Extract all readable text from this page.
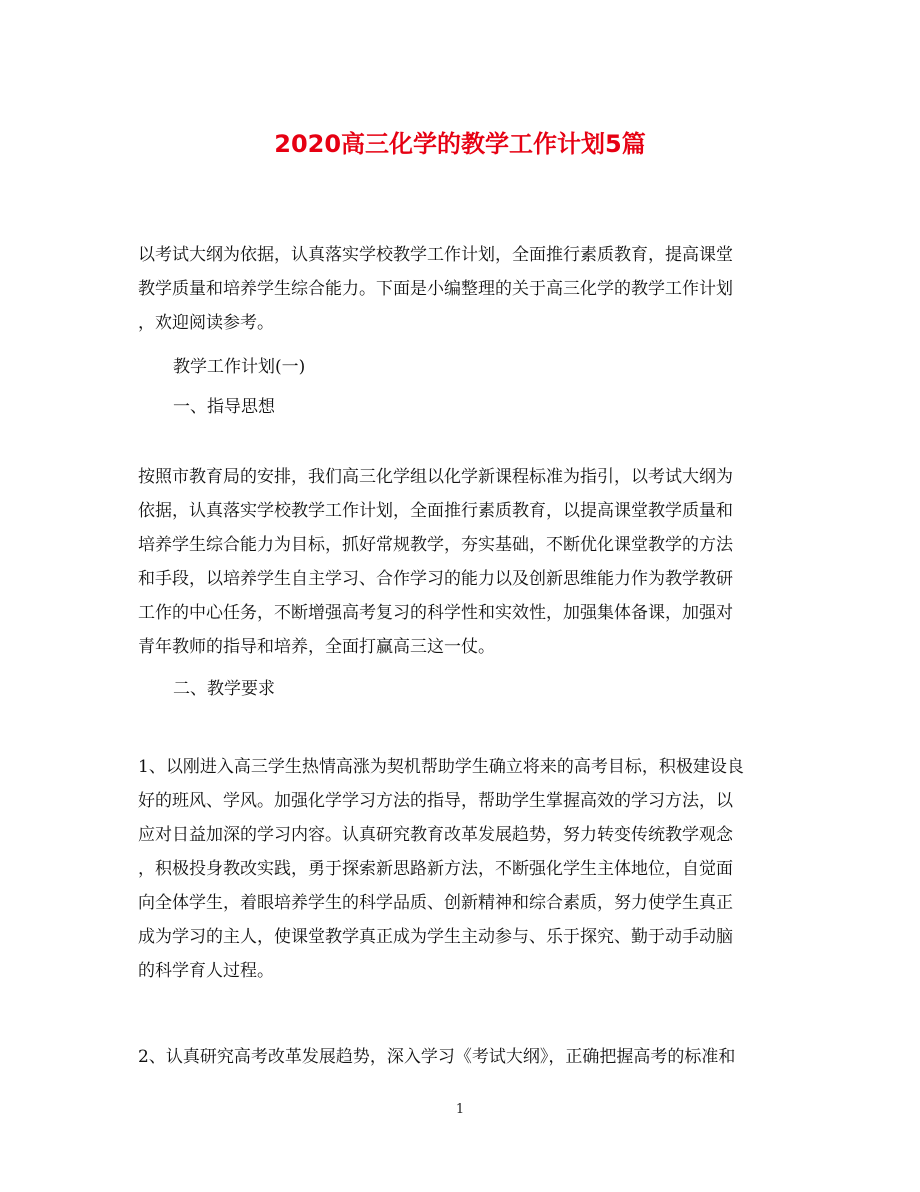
2020高三化学的教学工作计划5篇

以考试大纲为依据，认真落实学校教学工作计划，全面推行素质教育，提高课堂
教学质量和培养学生综合能力。下面是小编整理的关于高三化学的教学工作计划
，欢迎阅读参考。

教学工作计划(一)
一、指导思想

按照市教育局的安排，我们高三化学组以化学新课程标准为指引，以考试大纲为
依据，认真落实学校教学工作计划，全面推行素质教育，以提高课堂教学质量和
培养学生综合能力为目标，抓好常规教学，夯实基础，不断优化课堂教学的方法
和手段，以培养学生自主学习、合作学习的能力以及创新思维能力作为教学教研
工作的中心任务，不断增强高考复习的科学性和实效性，加强集体备课，加强对
青年教师的指导和培养，全面打赢高三这一仗。

二、教学要求

1、以刚进入高三学生热情高涨为契机帮助学生确立将来的高考目标，积极建设良
好的班风、学风。加强化学学习方法的指导，帮助学生掌握高效的学习方法，以
应对日益加深的学习内容。认真研究教育改革发展趋势，努力转变传统教学观念
，积极投身教改实践，勇于探索新思路新方法，不断强化学生主体地位，自觉面
向全体学生，着眼培养学生的科学品质、创新精神和综合素质，努力使学生真正
成为学习的主人，使课堂教学真正成为学生主动参与、乐于探究、勤于动手动脑
的科学育人过程。

2、认真研究高考改革发展趋势，深入学习《考试大纲》，正确把握高考的标准和

1
